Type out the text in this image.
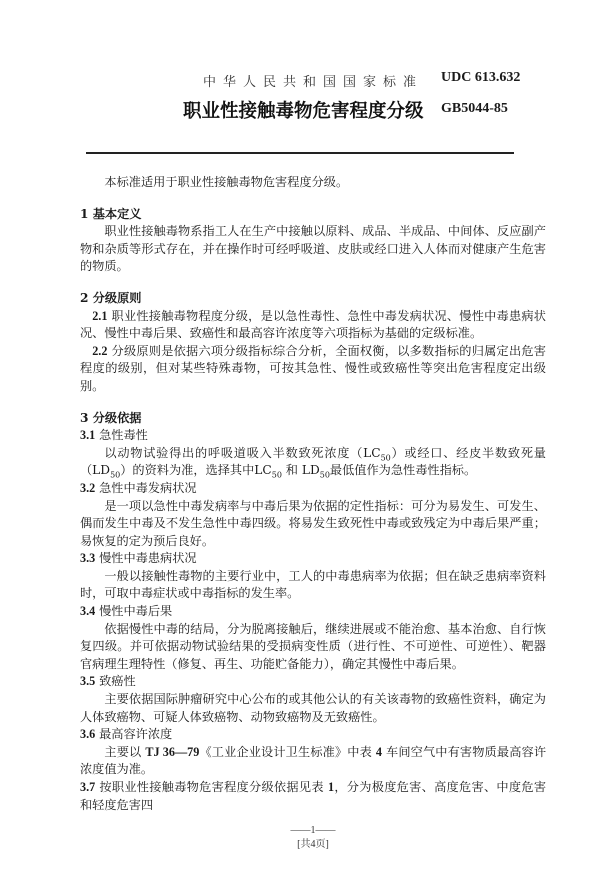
中华人民共和国国家标准 UDC 613.632
职业性接触毒物危害程度分级 GB5044-85

本标准适用于职业性接触毒物危害程度分级。

1 基本定义

职业性接触毒物系指工人在生产中接触以原料、成品、半成品、中间体、反应副产物和杂质等形式存在，并在操作时可经呼吸道、皮肤或经口进入人体而对健康产生危害的物质。

2 分级原则

2.1 职业性接触毒物程度分级，是以急性毒性、急性中毒发病状况、慢性中毒患病状况、慢性中毒后果、致癌性和最高容许浓度等六项指标为基础的定级标准。

2.2 分级原则是依据六项分级指标综合分析，全面权衡，以多数指标的归属定出危害程度的级别，但对某些特殊毒物，可按其急性、慢性或致癌性等突出危害程度定出级别。

3 分级依据

3.1 急性毒性

以动物试验得出的呼吸道吸入半数致死浓度$(LC_{50})$或经口、经皮半数致死量$(LD_{50})$的资料为准，选择其中$LC_{50}$ 和 $LD_{50}$最低值作为急性毒性指标。

3.2 急性中毒发病状况

是一项以急性中毒发病率与中毒后果为依据的定性指标：可分为易发生、可发生、偶而发生中毒及不发生急性中毒四级。将易发生致死性中毒或致残定为中毒后果严重；易恢复的定为预后良好。

3.3 慢性中毒患病状况

一般以接触性毒物的主要行业中，工人的中毒患病率为依据；但在缺乏患病率资料时，可取中毒症状或中毒指标的发生率。

3.4 慢性中毒后果

依据慢性中毒的结局，分为脱离接触后，继续进展或不能治愈、基本治愈、自行恢复四级。并可依据动物试验结果的受损病变性质（进行性、不可逆性、可逆性）、靶器官病理生理特性（修复、再生、功能贮备能力），确定其慢性中毒后果。

3.5 致癌性

主要依据国际肿瘤研究中心公布的或其他公认的有关该毒物的致癌性资料，确定为人体致癌物、可疑人体致癌物、动物致癌物及无致癌性。

3.6 最高容许浓度

主要以 TJ 36—79《工业企业设计卫生标准》中表 4 车间空气中有害物质最高容许浓度值为准。

3.7 按职业性接触毒物危害程度分级依据见表 1，分为极度危害、高度危害、中度危害和轻度危害四

——1——
[共4页]
